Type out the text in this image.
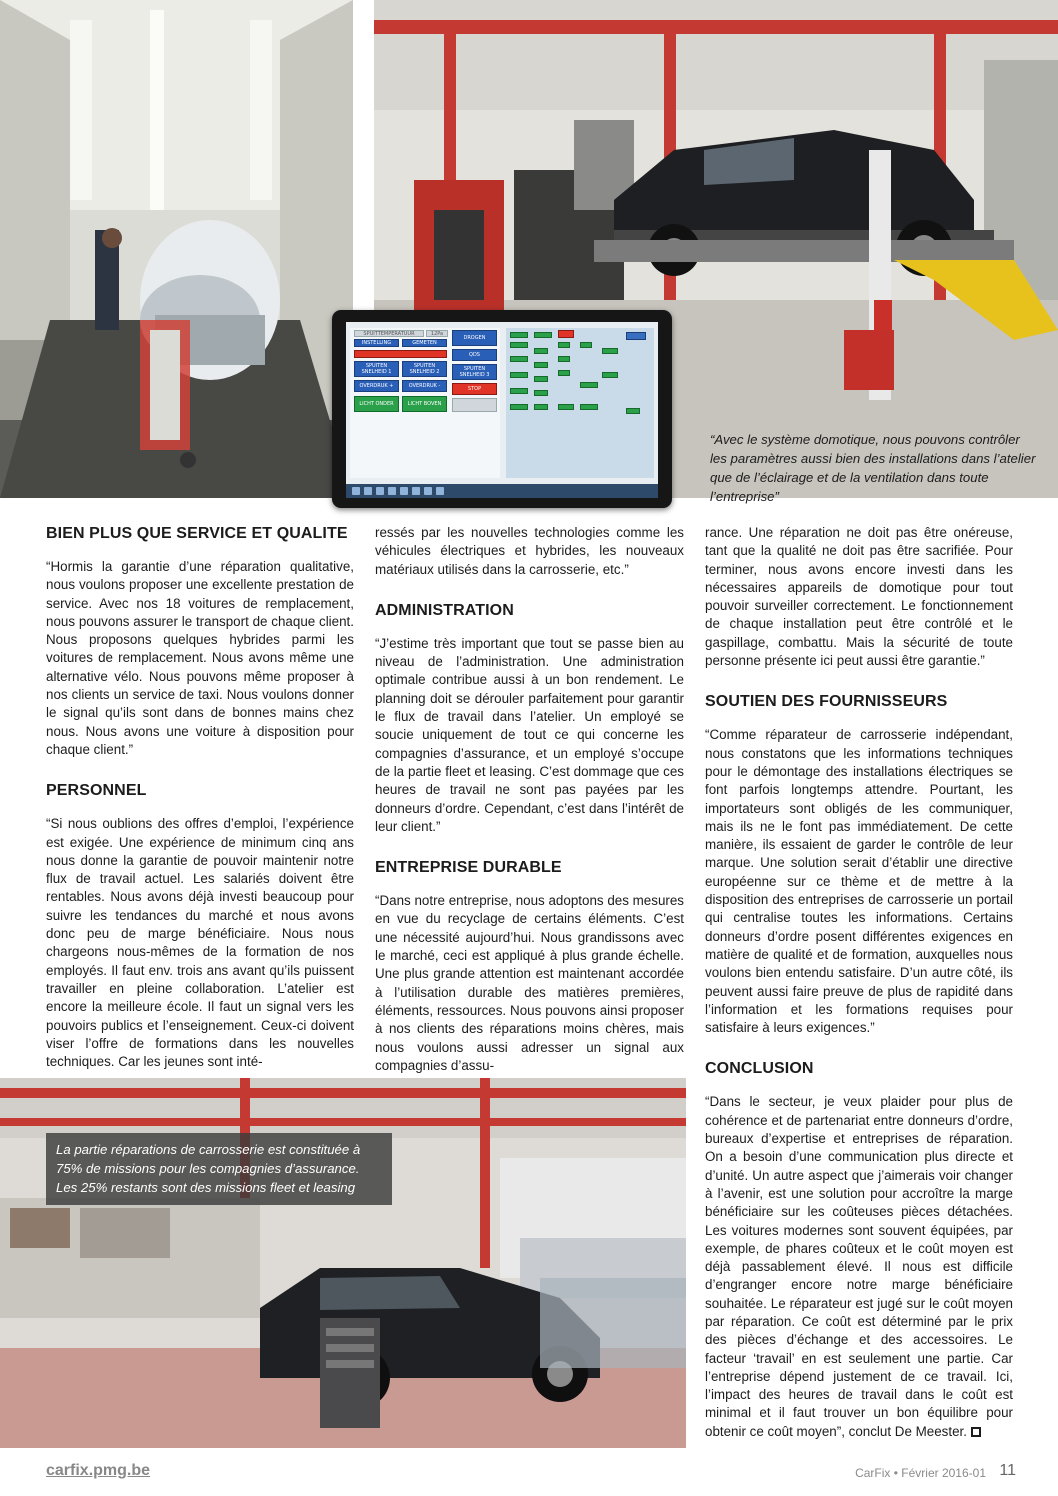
SPUITTEMPERATUUR	12Pa
INSTELLING	GEMETEN
SPUITEN SNELHEID 1
SPUITEN SNELHEID 2
OVERDRUK +	OVERDRUK -
LICHT ONDER	LICHT BOVEN
DROGEN
QDS
SPUITEN SNELHEID 3
STOP
“Avec le système domotique, nous pouvons contrôler les paramètres aussi bien des installations dans l’atelier que de l’éclairage et de la ventilation dans toute l’entreprise”
BIEN PLUS QUE SERVICE ET QUALITE

“Hormis la garantie d’une réparation qualitative, nous voulons proposer une excellente prestation de service. Avec nos 18 voitures de remplacement, nous pouvons assurer le transport de chaque client. Nous proposons quelques hybrides parmi les voitures de remplacement. Nous avons même une alternative vélo. Nous pouvons même proposer à nos clients un service de taxi. Nous voulons donner le signal qu’ils sont dans de bonnes mains chez nous. Nous avons une voiture à disposition pour chaque client.”

PERSONNEL

“Si nous oublions des offres d’emploi, l’expérience est exigée. Une expérience de minimum cinq ans nous donne la garantie de pouvoir maintenir notre flux de travail actuel. Les salariés doivent être rentables. Nous avons déjà investi beaucoup pour suivre les tendances du marché et nous avons donc peu de marge bénéficiaire. Nous nous chargeons nous-mêmes de la formation de nos employés. Il faut env. trois ans avant qu’ils puissent travailler en pleine collaboration. L’atelier est encore la meilleure école. Il faut un signal vers les pouvoirs publics et l’enseignement. Ceux-ci doivent viser l’offre de formations dans les nouvelles techniques. Car les jeunes sont inté-

ressés par les nouvelles technologies comme les véhicules électriques et hybrides, les nouveaux matériaux utilisés dans la carrosserie, etc.”

ADMINISTRATION

“J’estime très important que tout se passe bien au niveau de l’administration. Une administration optimale contribue aussi à un bon rendement. Le planning doit se dérouler parfaitement pour garantir le flux de travail dans l’atelier. Un employé se soucie uniquement de tout ce qui concerne les compagnies d’assurance, et un employé s’occupe de la partie fleet et leasing. C’est dommage que ces heures de travail ne sont pas payées par les donneurs d’ordre. Cependant, c’est dans l’intérêt de leur client.”

ENTREPRISE DURABLE

“Dans notre entreprise, nous adoptons des mesures en vue du recyclage de certains éléments. C’est une nécessité aujourd’hui. Nous grandissons avec le marché, ceci est appliqué à plus grande échelle. Une plus grande attention est maintenant accordée à l’utilisation durable des matières premières, éléments, ressources. Nous pouvons ainsi proposer à nos clients des réparations moins chères, mais nous voulons aussi adresser un signal aux compagnies d’assu-

rance. Une réparation ne doit pas être onéreuse, tant que la qualité ne doit pas être sacrifiée. Pour terminer, nous avons encore investi dans les nécessaires appareils de domotique pour tout pouvoir surveiller correctement. Le fonctionnement de chaque installation peut être contrôlé et le gaspillage, combattu. Mais la sécurité de toute personne présente ici peut aussi être garantie.”

SOUTIEN DES FOURNISSEURS

“Comme réparateur de carrosserie indépendant, nous constatons que les informations techniques pour le démontage des installations électriques se font parfois longtemps attendre. Pourtant, les importateurs sont obligés de les communiquer, mais ils ne le font pas immédiatement. De cette manière, ils essaient de garder le contrôle de leur marque. Une solution serait d’établir une directive européenne sur ce thème et de mettre à la disposition des entreprises de carrosserie un portail qui centralise toutes les informations. Certains donneurs d’ordre posent différentes exigences en matière de qualité et de formation, auxquelles nous voulons bien entendu satisfaire. D’un autre côté, ils peuvent aussi faire preuve de plus de rapidité dans l’information et les formations requises pour satisfaire à leurs exigences.”

CONCLUSION

“Dans le secteur, je veux plaider pour plus de cohérence et de partenariat entre donneurs d’ordre, bureaux d’expertise et entreprises de réparation. On a besoin d’une communication plus directe et d’unité. Un autre aspect que j’aimerais voir changer à l’avenir, est une solution pour accroître la marge bénéficiaire sur les coûteuses pièces détachées. Les voitures modernes sont souvent équipées, par exemple, de phares coûteux et le coût moyen est déjà passablement élevé. Il nous est difficile d’engranger encore notre marge bénéficiaire souhaitée. Le réparateur est jugé sur le coût moyen par réparation. Ce coût est déterminé par le prix des pièces d’échange et des accessoires. Le facteur ‘travail’ en est seulement une partie. Car l’entreprise dépend justement de ce travail. Ici, l’impact des heures de travail dans le coût est minimal et il faut trouver un bon équilibre pour obtenir ce coût moyen”, conclut De Meester.

La partie réparations de carrosserie est constituée à 75% de missions pour les compagnies d’assurance. Les 25% restants sont des missions fleet et leasing
carfix.pmg.be	CarFix • Février 2016-01 11
